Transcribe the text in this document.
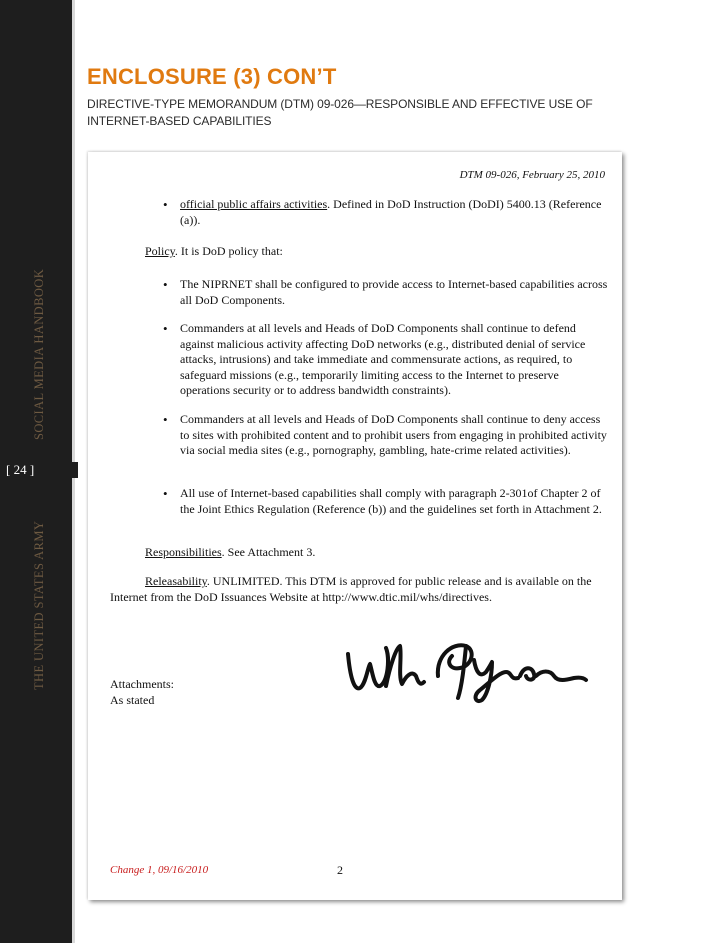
SOCIAL MEDIA HANDBOOK
THE UNITED STATES ARMY
[ 24 ]
ENCLOSURE (3) CON’T
DIRECTIVE-TYPE MEMORANDUM (DTM) 09-026—RESPONSIBLE AND EFFECTIVE USE OF INTERNET-BASED CAPABILITIES
DTM 09-026, February 25, 2010
• official public affairs activities. Defined in DoD Instruction (DoDI) 5400.13 (Reference (a)).
Policy. It is DoD policy that:
• The NIPRNET shall be configured to provide access to Internet-based capabilities across all DoD Components.
• Commanders at all levels and Heads of DoD Components shall continue to defend against malicious activity affecting DoD networks (e.g., distributed denial of service attacks, intrusions) and take immediate and commensurate actions, as required, to safeguard missions (e.g., temporarily limiting access to the Internet to preserve operations security or to address bandwidth constraints).
• Commanders at all levels and Heads of DoD Components shall continue to deny access to sites with prohibited content and to prohibit users from engaging in prohibited activity via social media sites (e.g., pornography, gambling, hate-crime related activities).
• All use of Internet-based capabilities shall comply with paragraph 2-301of Chapter 2 of the Joint Ethics Regulation (Reference (b)) and the guidelines set forth in Attachment 2.
Responsibilities. See Attachment 3.
Releasability. UNLIMITED. This DTM is approved for public release and is available on the Internet from the DoD Issuances Website at http://www.dtic.mil/whs/directives.
Attachments:
As stated
Change 1, 09/16/2010	2
